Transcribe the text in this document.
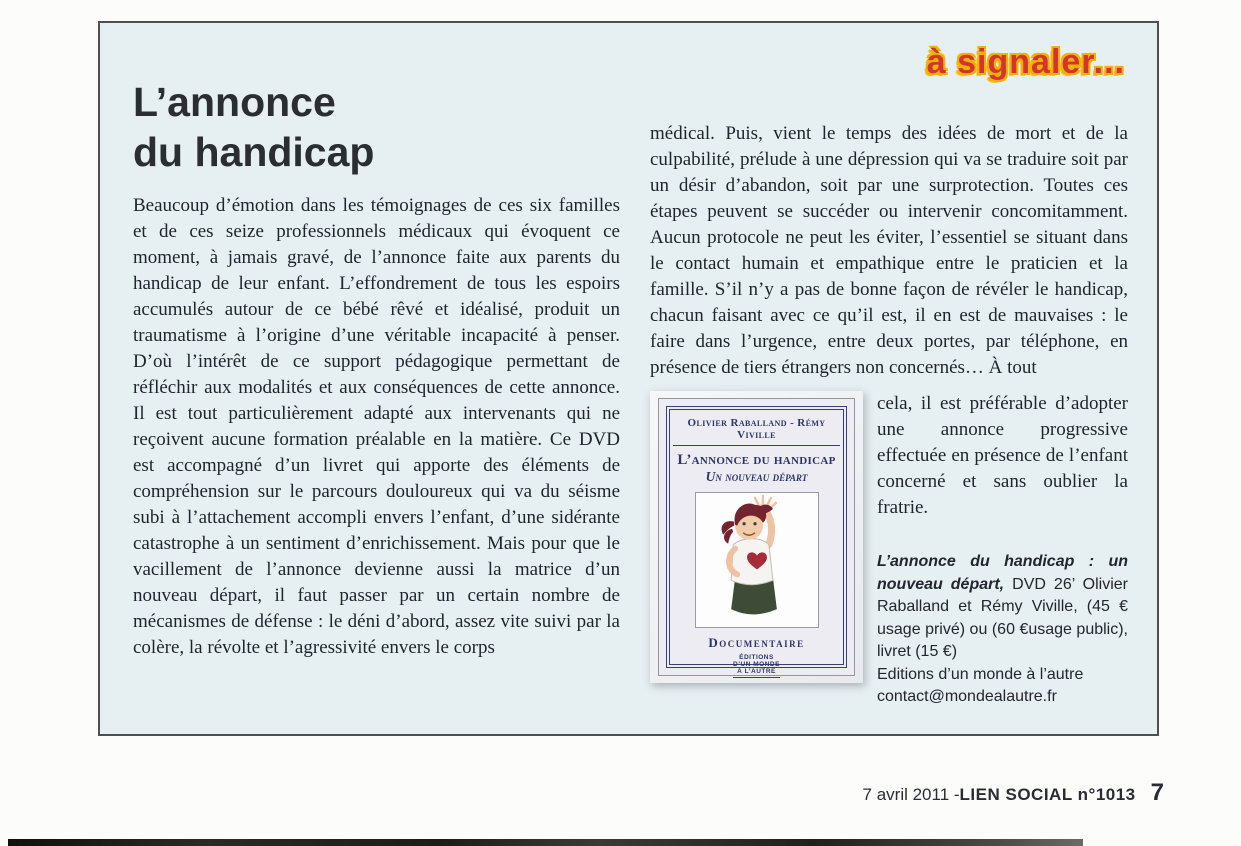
à signaler...
L’annonce
du handicap

Beaucoup d’émotion dans les témoignages de ces six familles et de ces seize professionnels médicaux qui évoquent ce moment, à jamais gravé, de l’annonce faite aux parents du handicap de leur enfant. L’effondrement de tous les espoirs accumulés autour de ce bébé rêvé et idéalisé, produit un traumatisme à l’origine d’une véritable incapacité à penser. D’où l’intérêt de ce support pédagogique permettant de réfléchir aux modalités et aux conséquences de cette annonce. Il est tout particulièrement adapté aux intervenants qui ne reçoivent aucune formation préalable en la matière. Ce DVD est accompagné d’un livret qui apporte des éléments de compréhension sur le parcours douloureux qui va du séisme subi à l’attachement accompli envers l’enfant, d’une sidérante catastrophe à un sentiment d’enrichissement. Mais pour que le vacillement de l’annonce devienne aussi la matrice d’un nouveau départ, il faut passer par un certain nombre de mécanismes de défense : le déni d’abord, assez vite suivi par la colère, la révolte et l’agressivité envers le corps

médical. Puis, vient le temps des idées de mort et de la culpabilité, prélude à une dépression qui va se traduire soit par un désir d’abandon, soit par une surprotection. Toutes ces étapes peuvent se succéder ou intervenir concomitamment. Aucun protocole ne peut les éviter, l’essentiel se situant dans le contact humain et empathique entre le praticien et la famille. S’il n’y a pas de bonne façon de révéler le handicap, chacun faisant avec ce qu’il est, il en est de mauvaises : le faire dans l’urgence, entre deux portes, par téléphone, en présence de tiers étrangers non concernés… À tout

Olivier Raballand - Rémy Viville
L’annonce du handicap
Un nouveau départ
Documentaire
ÉDITIONS
D’UN MONDE
À L’AUTRE

cela, il est préférable d’adopter une annonce progressive effectuée en présence de l’enfant concerné et sans oublier la fratrie.

L’annonce du handicap : un nouveau départ, DVD 26’ Olivier Raballand et Rémy Viville, (45 € usage privé) ou (60 €usage public), livret (15 €)
Editions d’un monde à l’autre
contact@mondealautre.fr
7 avril 2011 - LIEN SOCIAL n°1013 7
